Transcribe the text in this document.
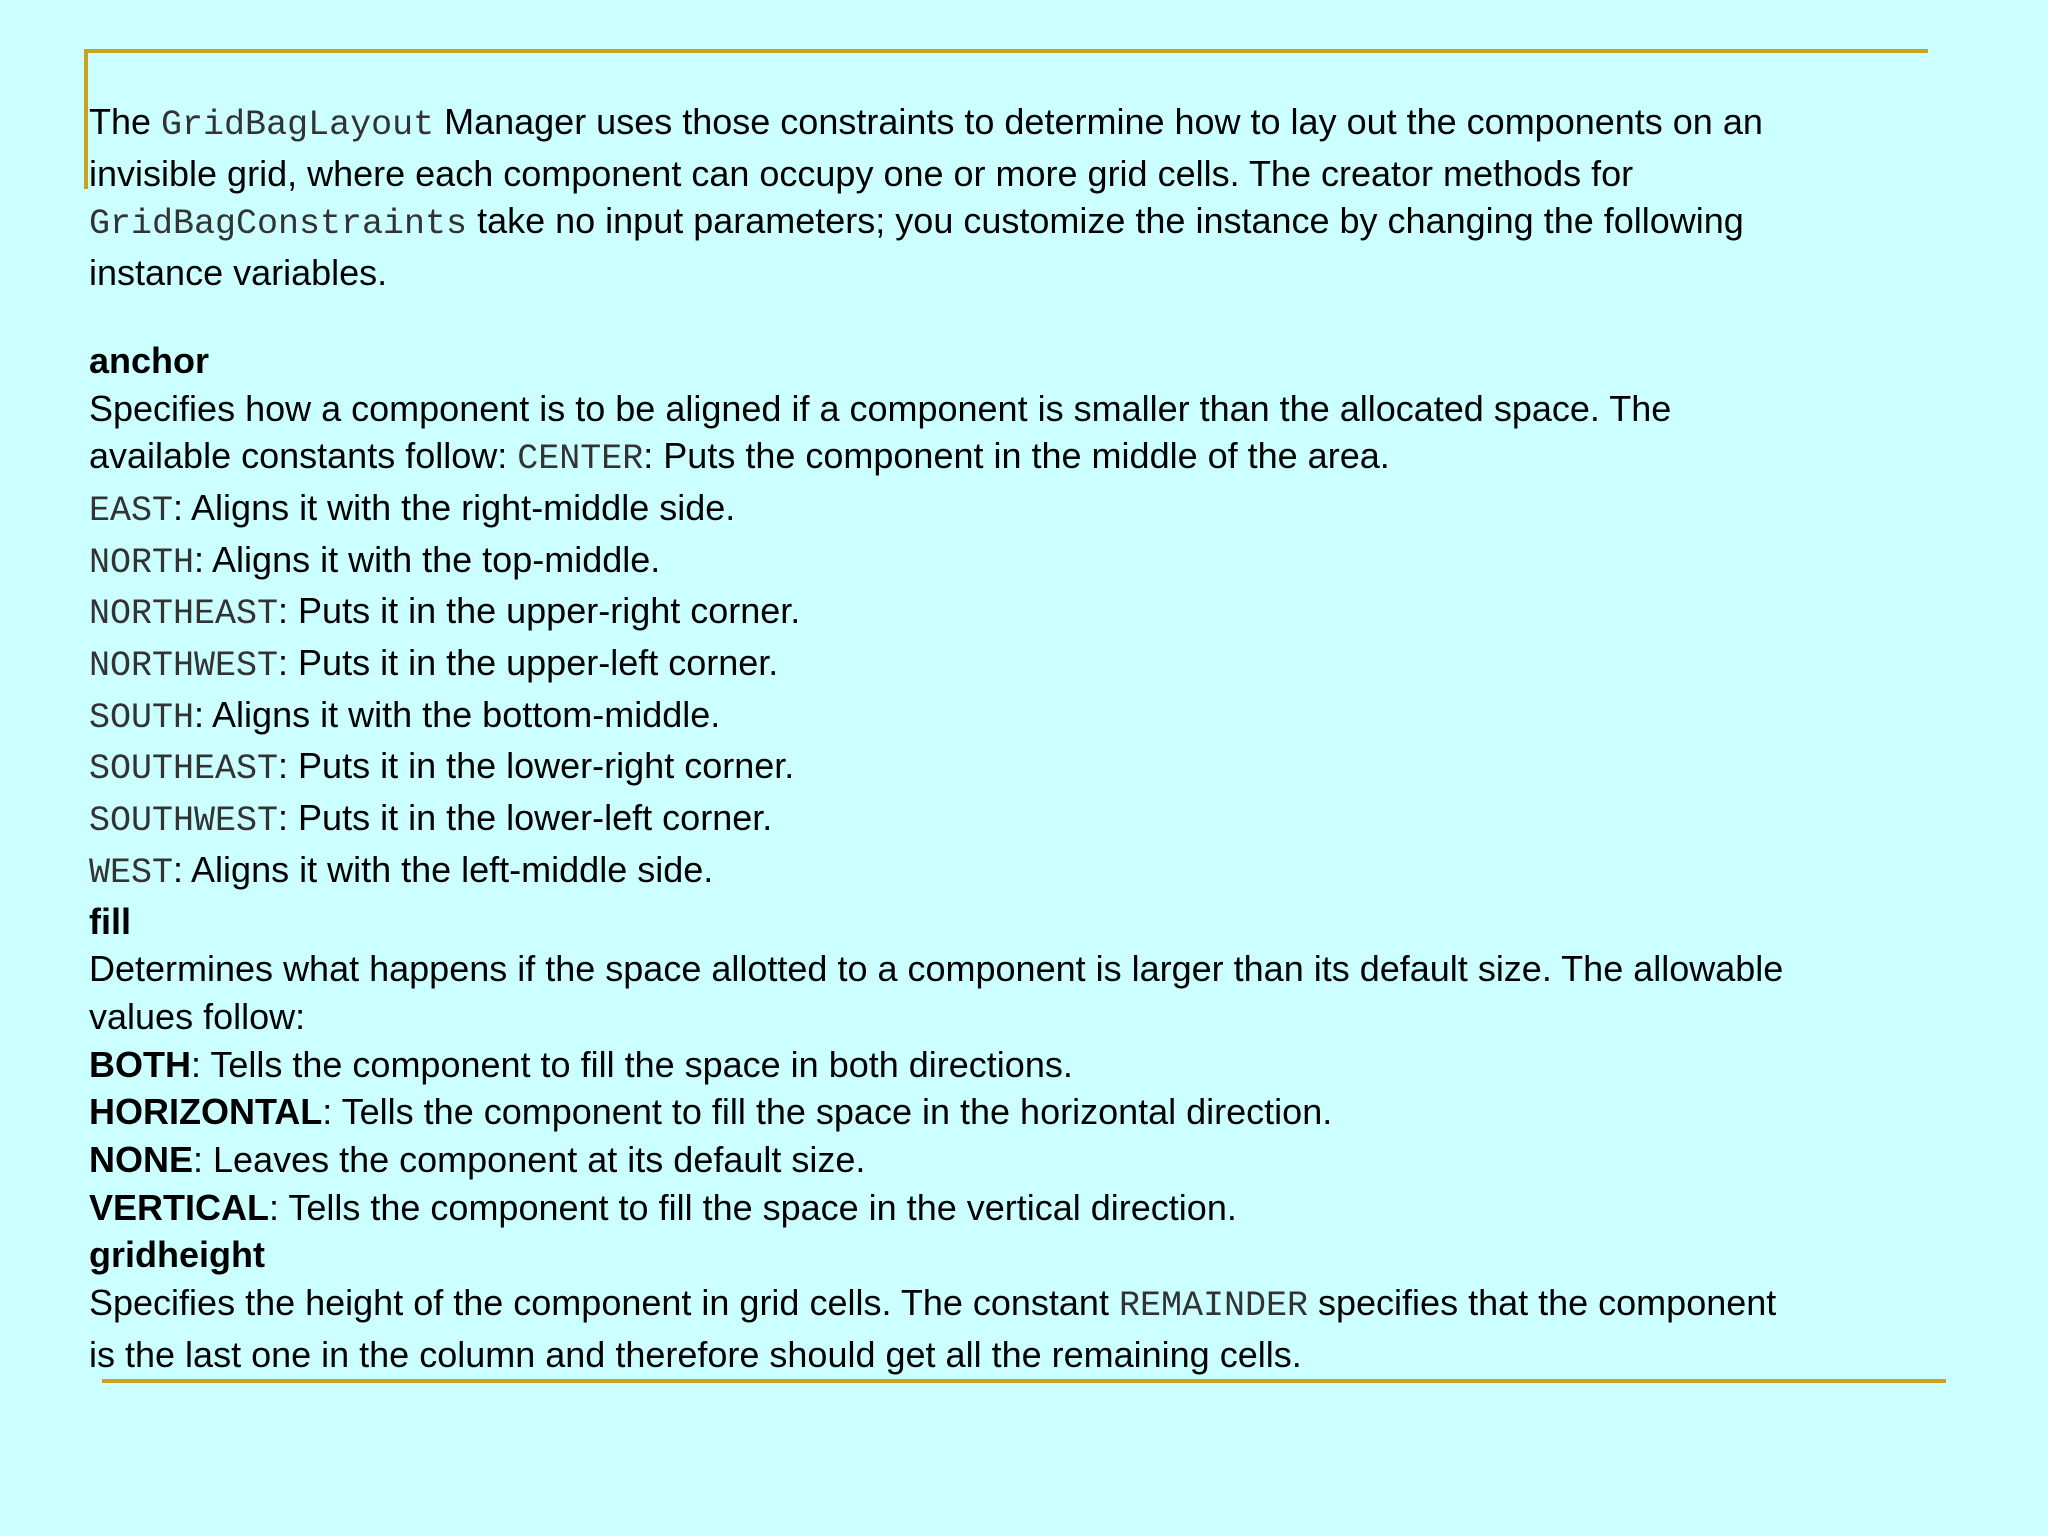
The GridBagLayout Manager uses those constraints to determine how to lay out the components on an
invisible grid, where each component can occupy one or more grid cells. The creator methods for
GridBagConstraints take no input parameters; you customize the instance by changing the following
instance variables.
anchor
Specifies how a component is to be aligned if a component is smaller than the allocated space. The
available constants follow: CENTER: Puts the component in the middle of the area.
EAST: Aligns it with the right-middle side.
NORTH: Aligns it with the top-middle.
NORTHEAST: Puts it in the upper-right corner.
NORTHWEST: Puts it in the upper-left corner.
SOUTH: Aligns it with the bottom-middle.
SOUTHEAST: Puts it in the lower-right corner.
SOUTHWEST: Puts it in the lower-left corner.
WEST: Aligns it with the left-middle side.
fill
Determines what happens if the space allotted to a component is larger than its default size. The allowable
values follow:
BOTH: Tells the component to fill the space in both directions.
HORIZONTAL: Tells the component to fill the space in the horizontal direction.
NONE: Leaves the component at its default size.
VERTICAL: Tells the component to fill the space in the vertical direction.
gridheight
Specifies the height of the component in grid cells. The constant REMAINDER specifies that the component
is the last one in the column and therefore should get all the remaining cells.
